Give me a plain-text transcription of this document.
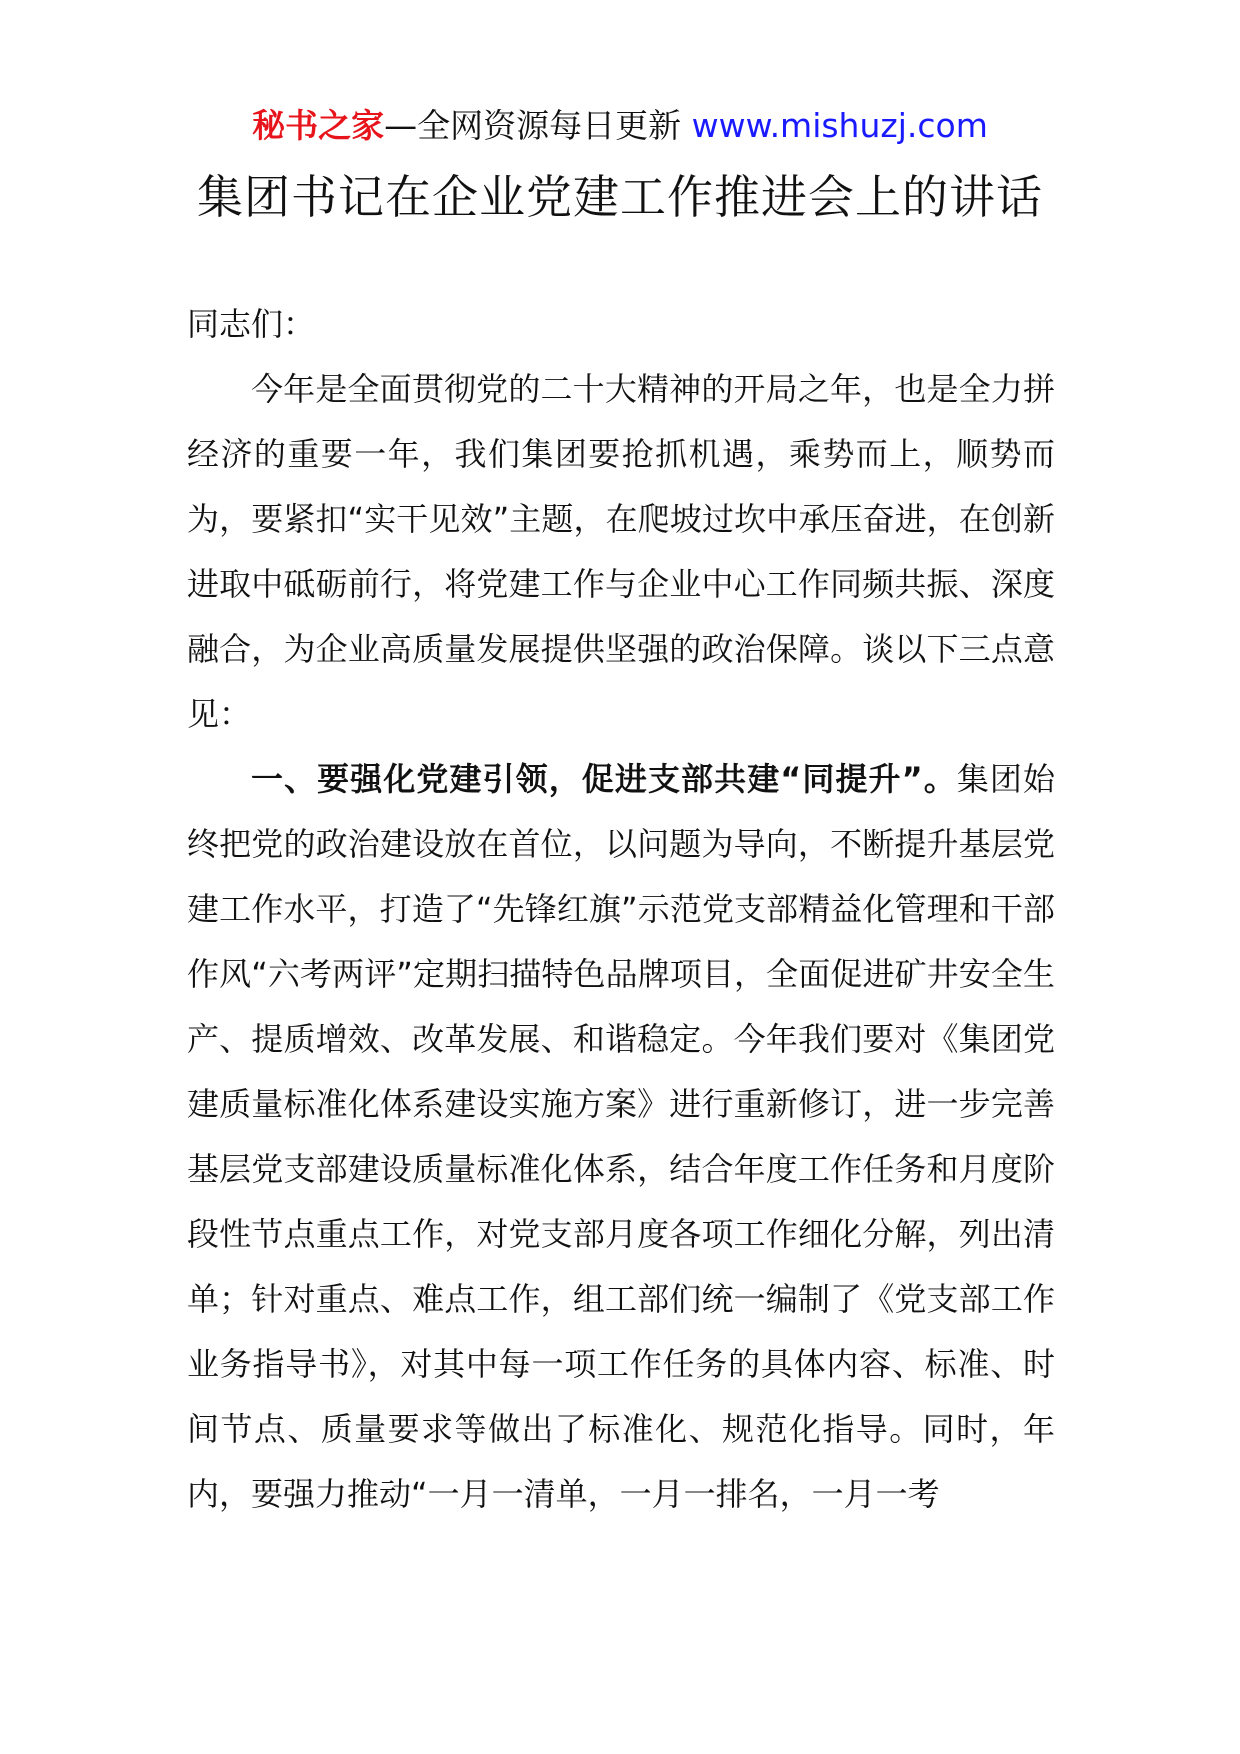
秘书之家—全网资源每日更新 www.mishuzj.com
集团书记在企业党建工作推进会上的讲话

同志们：

今年是全面贯彻党的二十大精神的开局之年，也是全力拼经济的重要一年，我们集团要抢抓机遇，乘势而上，顺势而为，要紧扣“实干见效”主题，在爬坡过坎中承压奋进，在创新进取中砥砺前行，将党建工作与企业中心工作同频共振、深度融合，为企业高质量发展提供坚强的政治保障。谈以下三点意见：

一、要强化党建引领，促进支部共建“同提升”。集团始终把党的政治建设放在首位，以问题为导向，不断提升基层党建工作水平，打造了“先锋红旗”示范党支部精益化管理和干部作风“六考两评”定期扫描特色品牌项目，全面促进矿井安全生产、提质增效、改革发展、和谐稳定。今年我们要对《集团党建质量标准化体系建设实施方案》进行重新修订，进一步完善基层党支部建设质量标准化体系，结合年度工作任务和月度阶段性节点重点工作，对党支部月度各项工作细化分解，列出清单；针对重点、难点工作，组工部们统一编制了《党支部工作业务指导书》，对其中每一项工作任务的具体内容、标准、时间节点、质量要求等做出了标准化、规范化指导。同时，年内，要强力推动“一月一清单，一月一排名，一月一考
